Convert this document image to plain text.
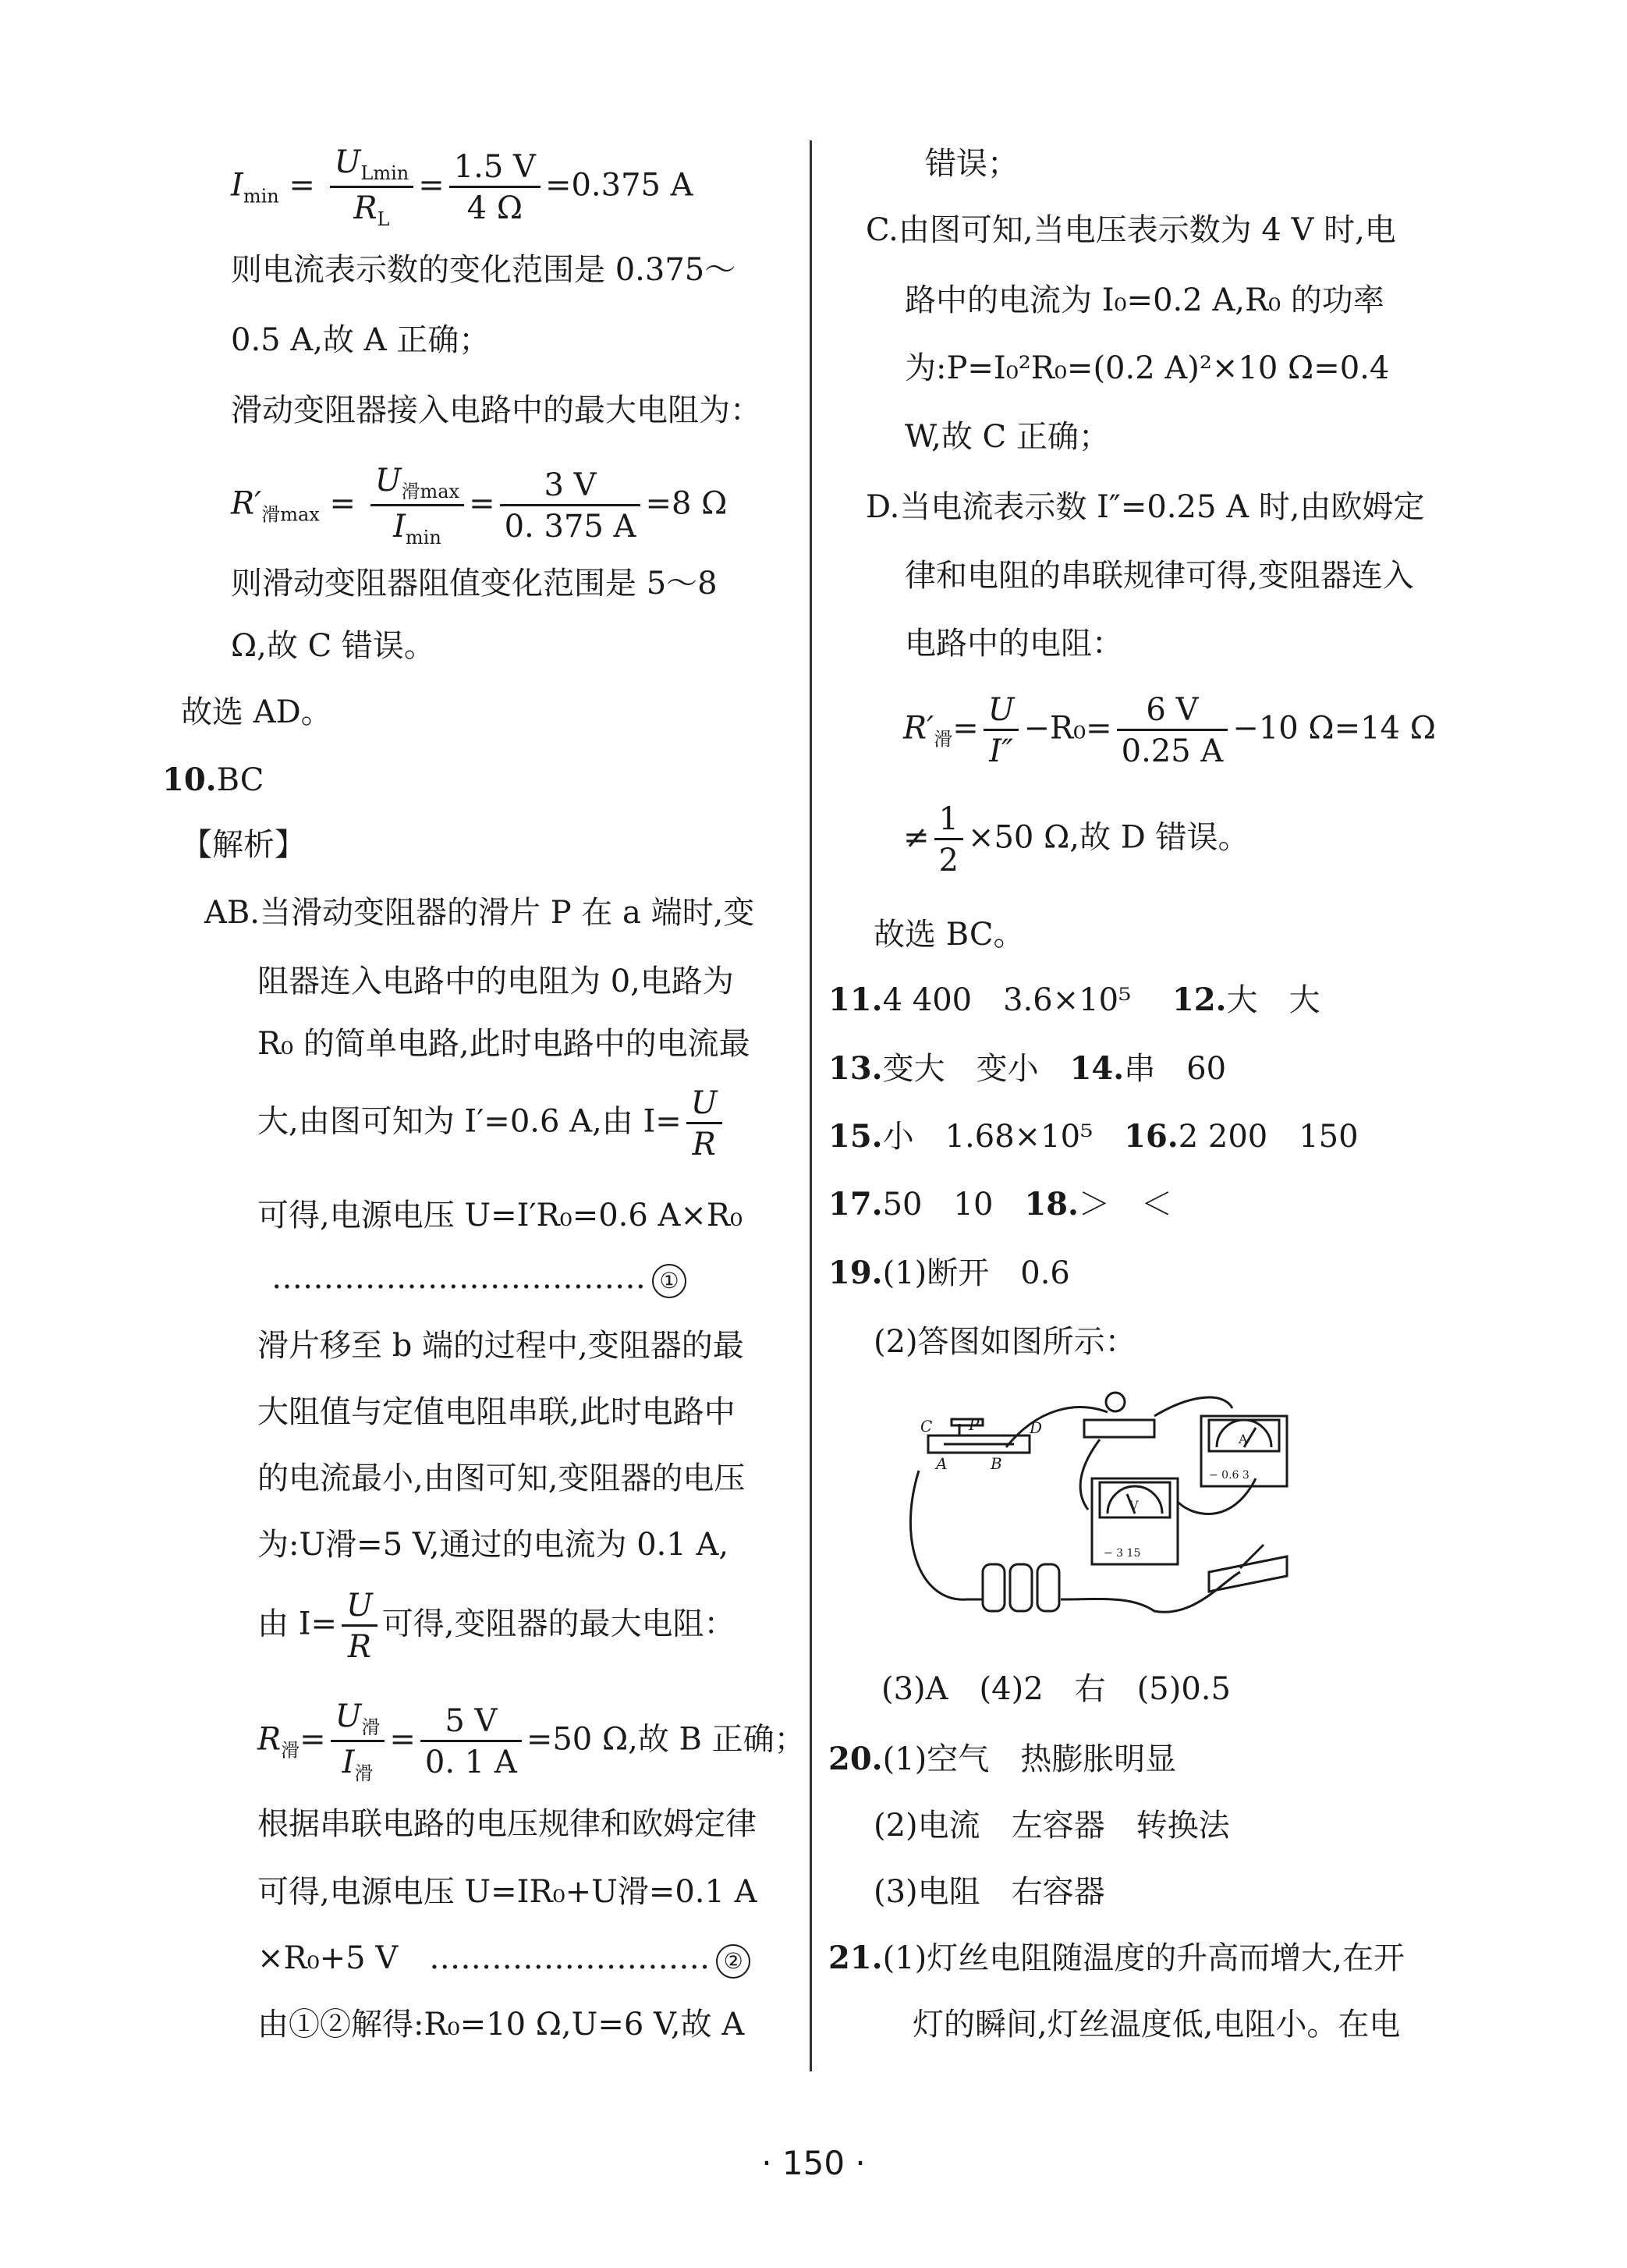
$I_{min} = \frac{U_{Lmin}}{R_L} = \frac{1.5 V}{4 \Omega} =0.375$ A
则电流表示数的变化范围是 0.375～
0.5 A,故 A 正确；
滑动变阻器接入电路中的最大电阻为：
$R'_{滑max} = \frac{U_{滑max}}{I_{min}} = \frac{3 V}{0. 375 A} =8$ Ω
则滑动变阻器阻值变化范围是 5～8
Ω,故 C 错误。
故选 AD。
10.BC
【解析】
AB.当滑动变阻器的滑片 P 在 a 端时,变
阻器连入电路中的电阻为 0,电路为
R₀ 的简单电路,此时电路中的电流最
大,由图可知为 I′=0.6 A,由 $I= \frac{U}{R}$
可得,电源电压 U=I′R₀=0.6 A×R₀
……………………………… ①
滑片移至 b 端的过程中,变阻器的最
大阻值与定值电阻串联,此时电路中
的电流最小,由图可知,变阻器的电压
为:U滑=5 V,通过的电流为 0.1 A,
由 $I= \frac{U}{R}$ 可得,变阻器的最大电阻：
$R_滑= \frac{U_滑}{I_滑} = \frac{5 V}{0. 1 A} =50$ Ω,故 B 正确；
根据串联电路的电压规律和欧姆定律
可得,电源电压 U=IR₀+U滑=0.1 A
×R₀+5 V　 ……………………… ②
由①②解得:R₀=10 Ω,U=6 V,故 A
错误；
C.由图可知,当电压表示数为 4 V 时,电
路中的电流为 I₀=0.2 A,R₀ 的功率
为:P=I₀²R₀=(0.2 A)²×10 Ω=0.4
W,故 C 正确；
D.当电流表示数 I″=0.25 A 时,由欧姆定
律和电阻的串联规律可得,变阻器连入
电路中的电阻：
$R'_滑= \frac{U}{I''} -R_0= \frac{6 V}{0.25 A} -10$ Ω=14 Ω
≠ $\frac{1}{2} \times 50$ Ω,故 D 错误。
故选 BC。
11.4 400　3.6×10⁵　 12.大　大
13.变大　变小　 14.串　60
15.小　1.68×10⁵　 16.2 200　150
17.50　10　 18.＞　＜
19.(1)断开　0.6
(2)答图如图所示：
C P	D
A	B
A
V
− 0.6 3
− 3 15
(3)A　(4)2　右　(5)0.5
20.(1)空气　热膨胀明显
(2)电流　左容器　转换法
(3)电阻　右容器
21.(1)灯丝电阻随温度的升高而增大,在开
灯的瞬间,灯丝温度低,电阻小。在电
· 150 ·
